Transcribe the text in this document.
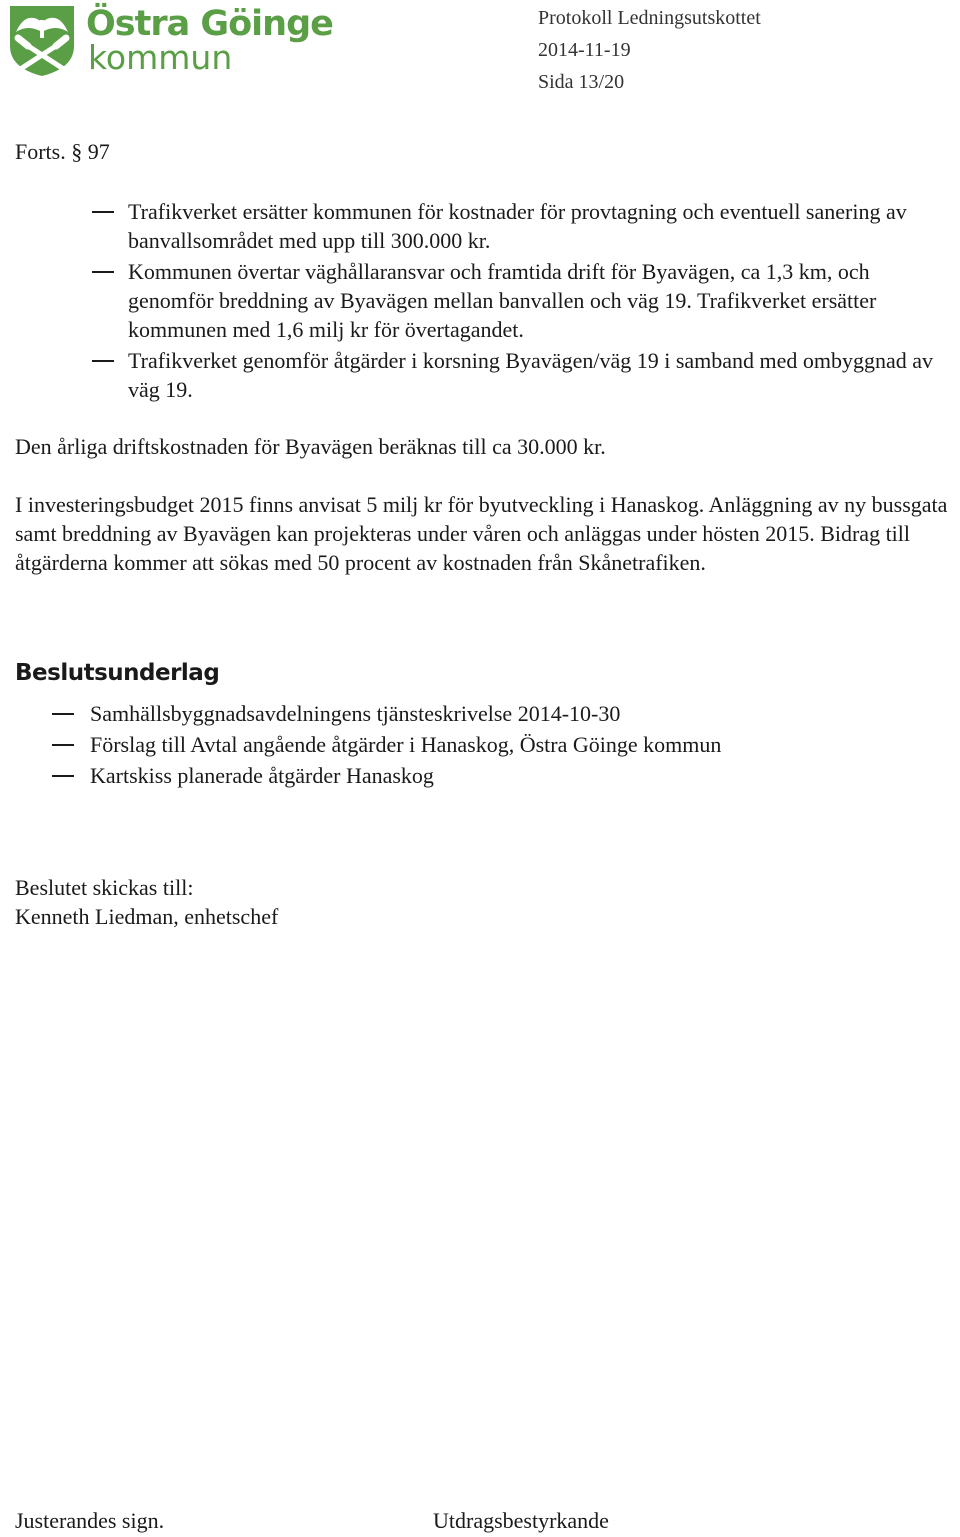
Östra Göinge
kommun
Protokoll Ledningsutskottet
2014-11-19
Sida 13/20
Forts. § 97
Trafikverket ersätter kommunen för kostnader för provtagning och eventuell sanering av banvallsområdet med upp till 300.000 kr.
Kommunen övertar väghållaransvar och framtida drift för Byavägen, ca 1,3 km, och genomför breddning av Byavägen mellan banvallen och väg 19. Trafikverket ersätter kommunen med 1,6 milj kr för övertagandet.
Trafikverket genomför åtgärder i korsning Byavägen/väg 19 i samband med ombyggnad av väg 19.
Den årliga driftskostnaden för Byavägen beräknas till ca 30.000 kr.
I investeringsbudget 2015 finns anvisat 5 milj kr för byutveckling i Hanaskog. Anläggning av ny bussgata samt breddning av Byavägen kan projekteras under våren och anläggas under hösten 2015. Bidrag till åtgärderna kommer att sökas med 50 procent av kostnaden från Skånetrafiken.
Beslutsunderlag
Samhällsbyggnadsavdelningens tjänsteskrivelse 2014-10-30
Förslag till Avtal angående åtgärder i Hanaskog, Östra Göinge kommun
Kartskiss planerade åtgärder Hanaskog
Beslutet skickas till:
Kenneth Liedman, enhetschef
Justerandes sign.	Utdragsbestyrkande
